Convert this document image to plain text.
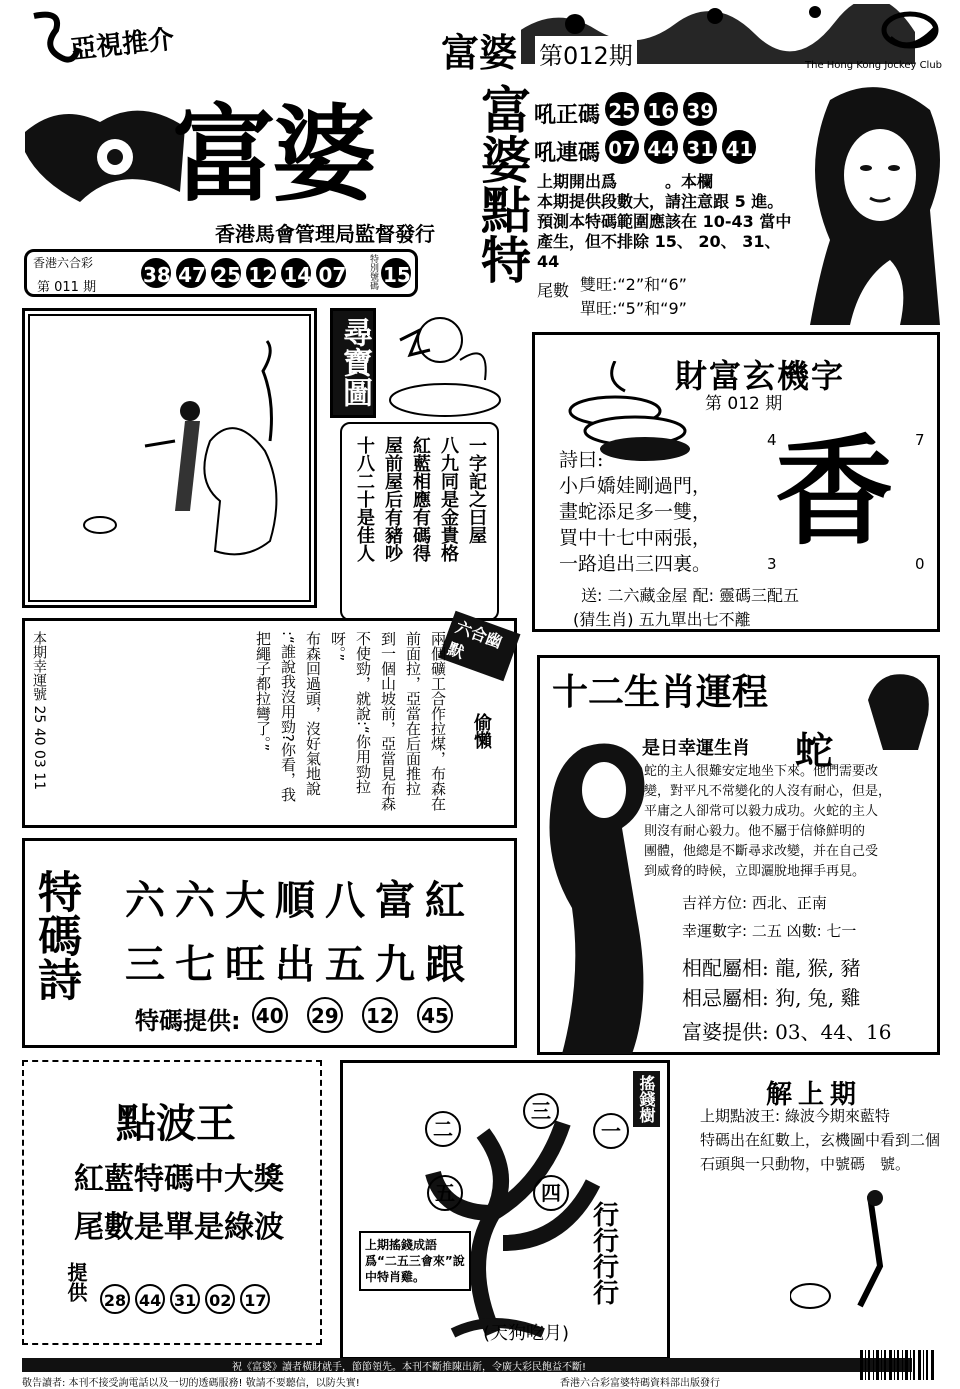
亞視推介	富婆 第012期	The Hong Kong Jockey Club
富婆
香港馬會管理局監督發行
香港六合彩
第 011 期
38 47 25 12 14 07 特別號碼 15 富婆點特 吼正碼 25 16 39
吼連碼 07 44 31 41
上期開出爲　　　。本欄
本期提供段數大，請注意跟 5 進。
預測本特碼範圍應該在 10-43 當中
產生，但不排除 15、 20、 31、
44
尾數 雙旺:“2”和“6”
單旺:“5”和“9”
尋寶圖
一字記之曰屋
八九同是金貴格
紅藍相應有碼得
屋前屋后有豬吵
十八二十是佳人
財富玄機字
第 012 期
4	7
3	0
香
詩曰:
小戶嬌娃剛過門，
畫蛇添足多一雙，
買中十七中兩張，
一路追出三四裏。
送: 二六藏金屋 配: 靈碼三配五
(猜生肖) 五九單出七不離
本期幸運號 25 40 03 11
六合幽默
偷懶
兩個礦工合作拉煤，布森在
前面拉，亞當在后面推拉
到一個山坡前，亞當見布森
不使勁，就說:“你用勁拉
呀。”
布森回過頭，沒好氣地說
:“誰說我沒用勁?你看，我
把繩子都拉彎了。”	十二生肖運程
是日幸運生肖 蛇
蛇的主人很難安定地坐下來。他們需要改
變，對平凡不常變化的人沒有耐心，但是，
平庸之人卻常可以毅力成功。火蛇的主人
則沒有耐心毅力。他不屬于信條鮮明的
團體，他總是不斷尋求改變，并在自己受
到威脅的時候，立即灑脫地揮手再見。
吉祥方位: 西北、正南
幸運數字: 二五 凶數: 七一
相配屬相: 龍, 猴, 豬
相忌屬相: 狗, 兔, 雞
富婆提供: 03、44、16
特碼詩 六六大順八富紅
三七旺出五九跟
特碼提供: 40 29 12 45
點波王
紅藍特碼中大獎
尾數是單是綠波
提供 28 44 31 02 17
搖錢樹
二
三
一
五	四
行行行行
上期搖錢成語爲“二五三會來”說中特肖雞。
(天狗吃月)
解上期
上期點波王: 綠波今期來藍特
特碼出在紅數上，玄機圖中看到二個
石頭與一只動物，中號碼　號。
祝《富婆》讀者橫財就手，節節領先。本刊不斷推陳出新，令廣大彩民飽益不斷!
敬告讀者: 本刊不接受詢電話以及一切的透碼服務! 敬請不要聽信，以防失實!	香港六合彩富婆特碼資料部出版發行
